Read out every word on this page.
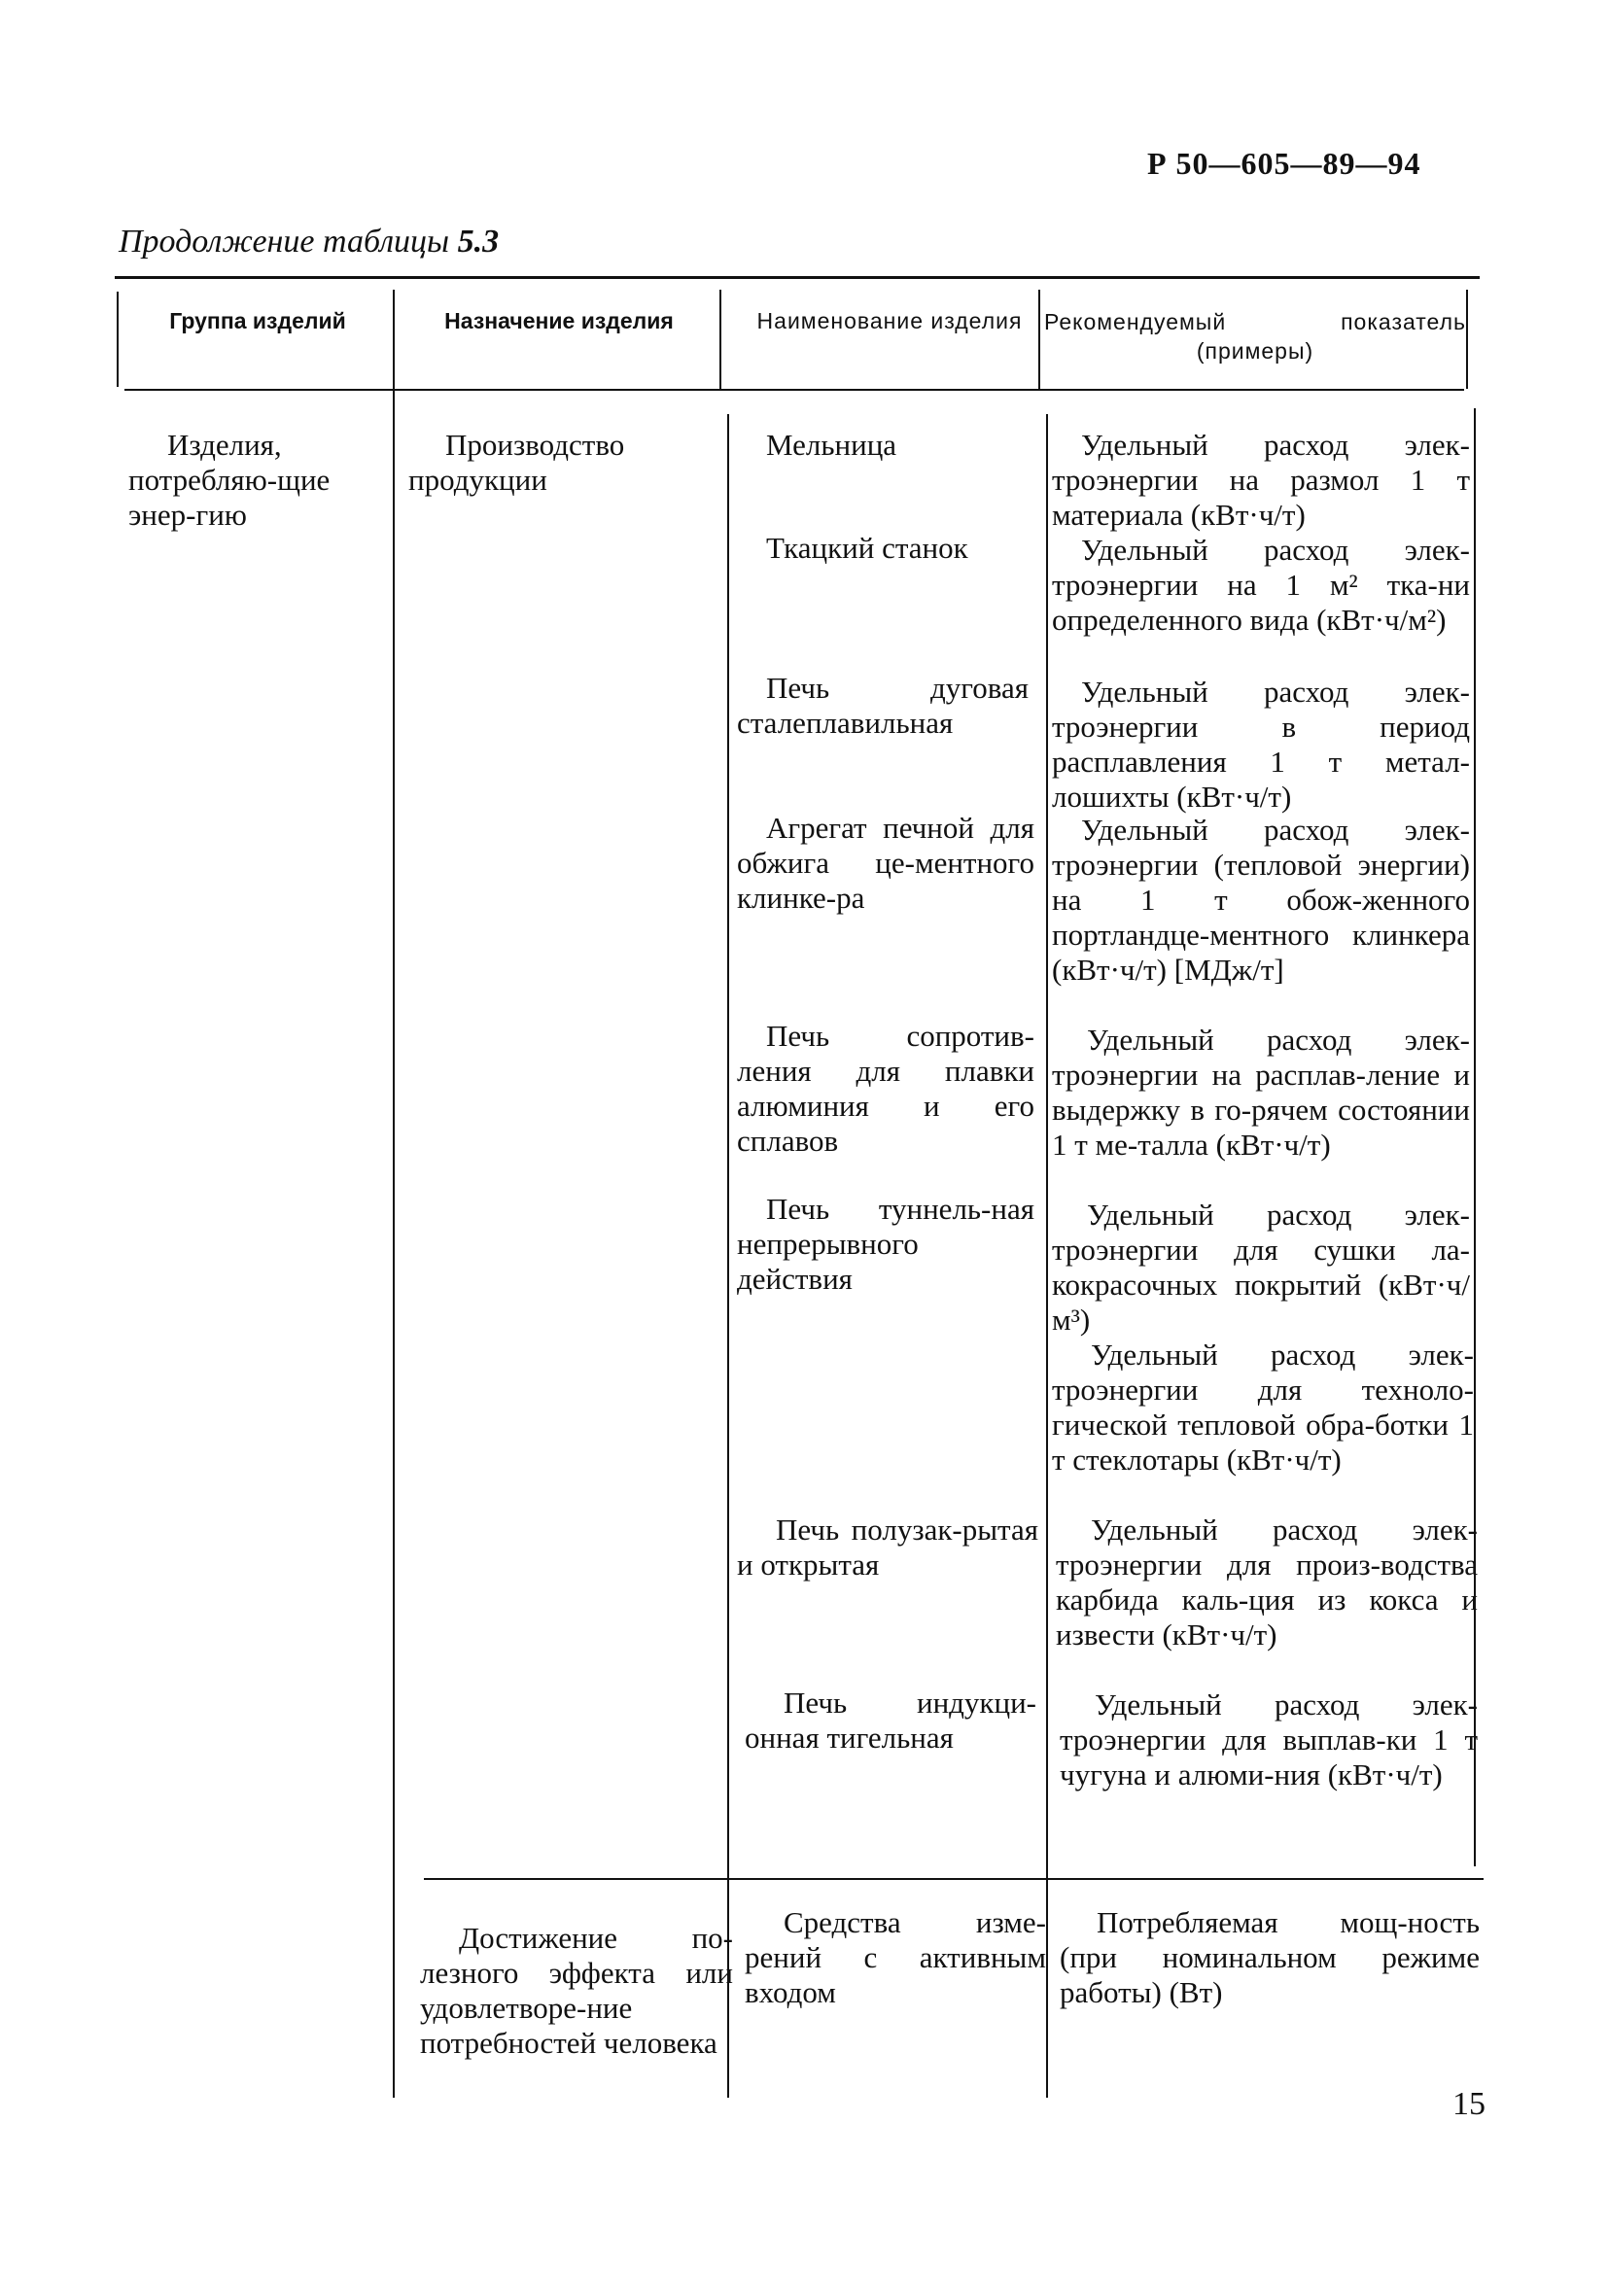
Р 50—605—89—94
Продолжение таблицы 5.3
Группа изделий	Назначение изделия	Наименование изделия Рекомендуемый показатель
(примеры)
Изделия, потребляю-щие энер-гию
Производство продукции
Мельница
Ткацкий станок
Печь дуговая сталеплавильная
Агрегат печной для обжига це-ментного клинке-ра
Печь сопротив-ления для плавки алюминия и его сплавов
Печь туннель-ная непрерывного действия
Печь полузак-рытая и открытая
Печь индукци-онная тигельная
Удельный расход элек-троэнергии на размол 1 т материала (кВт·ч/т)
Удельный расход элек-троэнергии на 1 м² тка-ни определенного вида (кВт·ч/м²)
Удельный расход элек-троэнергии в период расплавления 1 т метал-лошихты (кВт·ч/т)
Удельный расход элек-троэнергии (тепловой энергии) на 1 т обож-женного портландце-ментного клинкера (кВт·ч/т) [МДж/т]
Удельный расход элек-троэнергии на расплав-ление и выдержку в го-рячем состоянии 1 т ме-талла (кВт·ч/т)
Удельный расход элек-троэнергии для сушки ла-кокрасочных покрытий (кВт·ч/м³)
Удельный расход элек-троэнергии для техноло-гической тепловой обра-ботки 1 т стеклотары (кВт·ч/т)
Удельный расход элек-троэнергии для произ-водства карбида каль-ция из кокса и извести (кВт·ч/т)
Удельный расход элек-троэнергии для выплав-ки 1 т чугуна и алюми-ния (кВт·ч/т)
Достижение по-лезного эффекта или удовлетворе-ние потребностей человека
Средства изме-рений с активным входом
Потребляемая мощ-ность (при номинальном режиме работы) (Вт)
15
